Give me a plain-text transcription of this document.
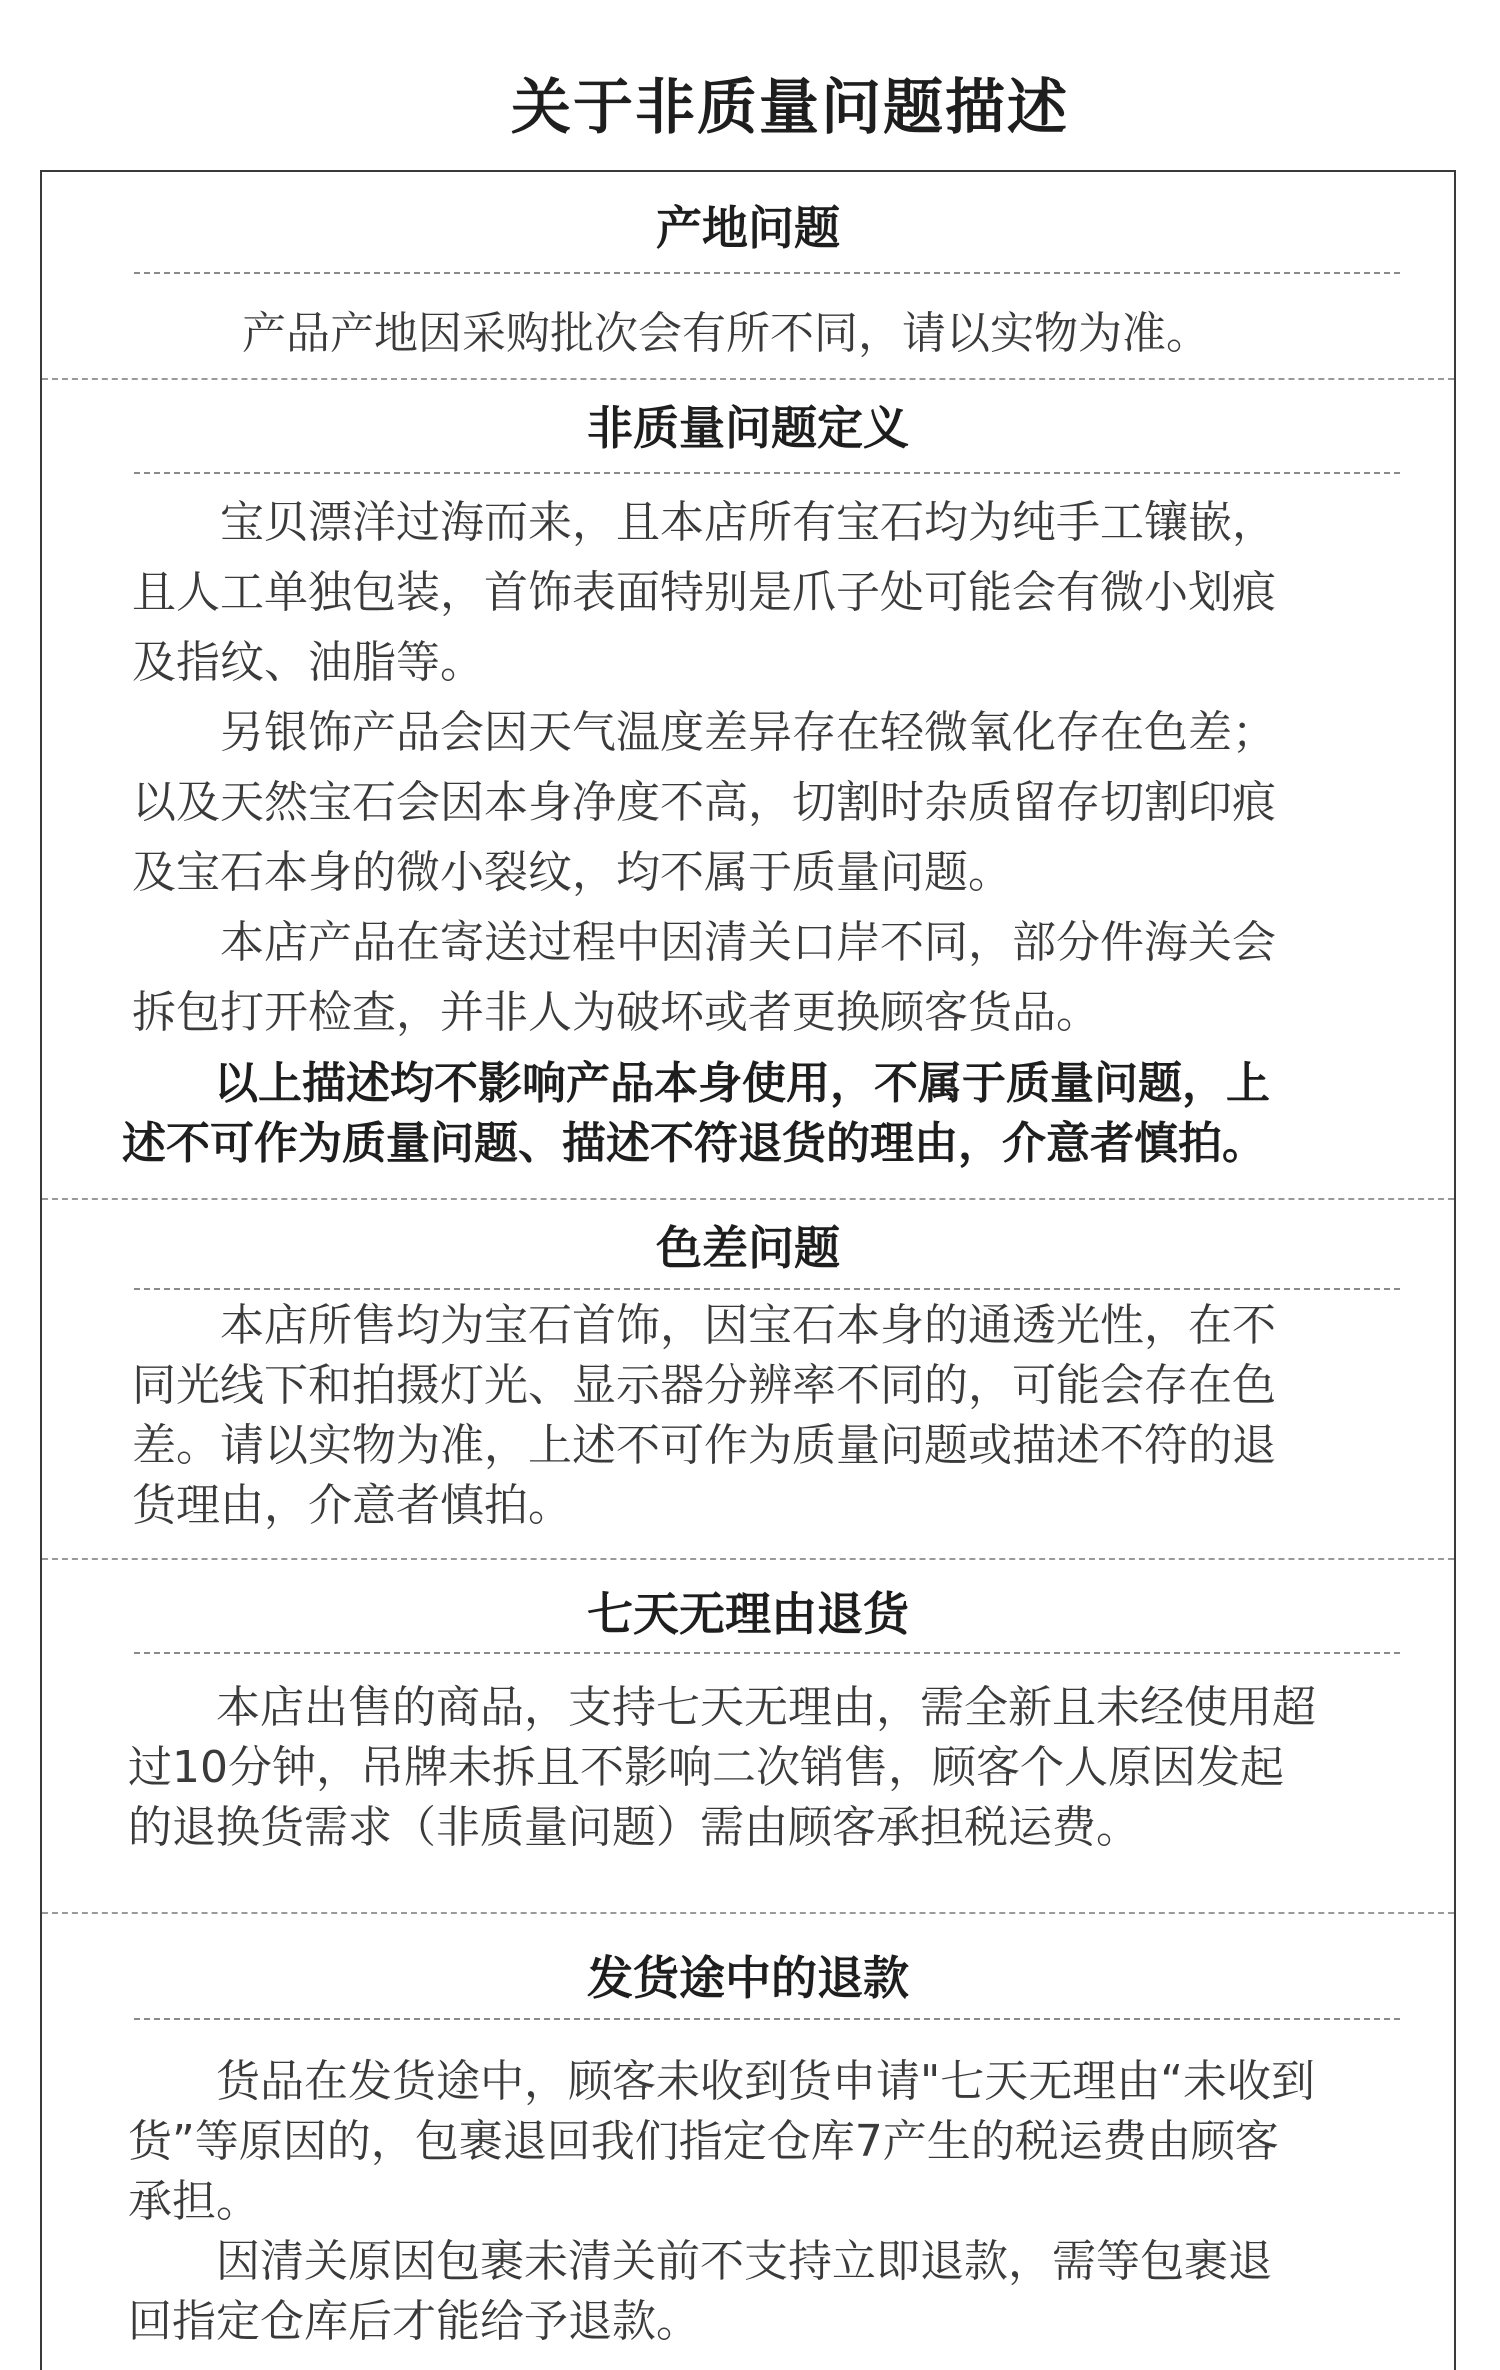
关于非质量问题描述
产地问题
产品产地因采购批次会有所不同，请以实物为准。
非质量问题定义
宝贝漂洋过海而来，且本店所有宝石均为纯手工镶嵌，
且人工单独包装，首饰表面特别是爪子处可能会有微小划痕
及指纹、油脂等。
另银饰产品会因天气温度差异存在轻微氧化存在色差；
以及天然宝石会因本身净度不高，切割时杂质留存切割印痕
及宝石本身的微小裂纹，均不属于质量问题。
本店产品在寄送过程中因清关口岸不同，部分件海关会
拆包打开检查，并非人为破坏或者更换顾客货品。
以上描述均不影响产品本身使用，不属于质量问题，上
述不可作为质量问题、描述不符退货的理由，介意者慎拍。
色差问题
本店所售均为宝石首饰，因宝石本身的通透光性，在不
同光线下和拍摄灯光、显示器分辨率不同的，可能会存在色
差。请以实物为准，上述不可作为质量问题或描述不符的退
货理由，介意者慎拍。
七天无理由退货
本店出售的商品，支持七天无理由，需全新且未经使用超
过10分钟，吊牌未拆且不影响二次销售，顾客个人原因发起
的退换货需求（非质量问题）需由顾客承担税运费。
发货途中的退款
货品在发货途中，顾客未收到货申请"七天无理由“未收到
货”等原因的，包裹退回我们指定仓库7产生的税运费由顾客
承担。
因清关原因包裹未清关前不支持立即退款，需等包裹退
回指定仓库后才能给予退款。
